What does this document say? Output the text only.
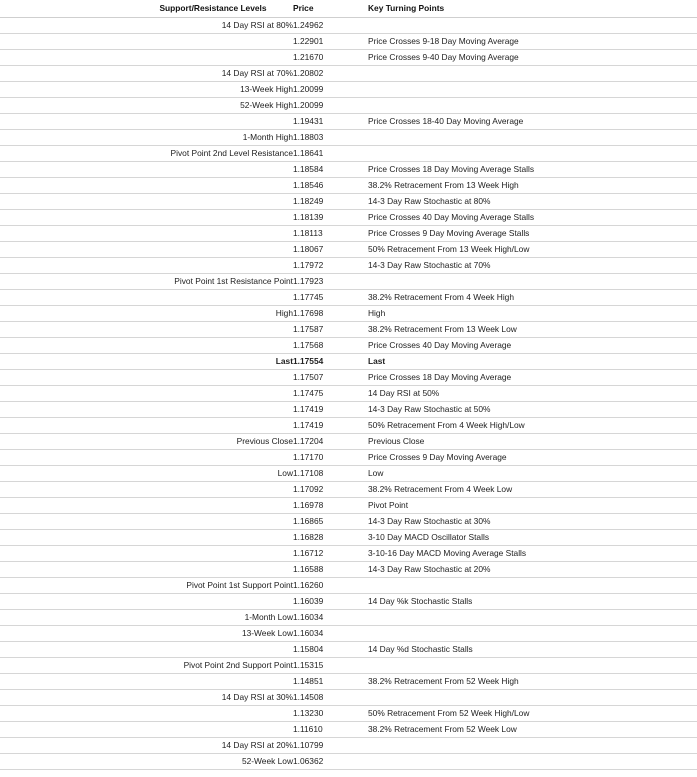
Support/Resistance Levels	Price	Key Turning Points
14 Day RSI at 80%	1.24962	
	1.22901	Price Crosses 9-18 Day Moving Average
	1.21670	Price Crosses 9-40 Day Moving Average
14 Day RSI at 70%	1.20802	
13-Week High	1.20099	
52-Week High	1.20099	
	1.19431	Price Crosses 18-40 Day Moving Average
1-Month High	1.18803	
Pivot Point 2nd Level Resistance	1.18641	
	1.18584	Price Crosses 18 Day Moving Average Stalls
	1.18546	38.2% Retracement From 13 Week High
	1.18249	14-3 Day Raw Stochastic at 80%
	1.18139	Price Crosses 40 Day Moving Average Stalls
	1.18113	Price Crosses 9 Day Moving Average Stalls
	1.18067	50% Retracement From 13 Week High/Low
	1.17972	14-3 Day Raw Stochastic at 70%
Pivot Point 1st Resistance Point	1.17923	
	1.17745	38.2% Retracement From 4 Week High
High	1.17698	High
	1.17587	38.2% Retracement From 13 Week Low
	1.17568	Price Crosses 40 Day Moving Average
Last	1.17554	Last
	1.17507	Price Crosses 18 Day Moving Average
	1.17475	14 Day RSI at 50%
	1.17419	14-3 Day Raw Stochastic at 50%
	1.17419	50% Retracement From 4 Week High/Low
Previous Close	1.17204	Previous Close
	1.17170	Price Crosses 9 Day Moving Average
Low	1.17108	Low
	1.17092	38.2% Retracement From 4 Week Low
	1.16978	Pivot Point
	1.16865	14-3 Day Raw Stochastic at 30%
	1.16828	3-10 Day MACD Oscillator Stalls
	1.16712	3-10-16 Day MACD Moving Average Stalls
	1.16588	14-3 Day Raw Stochastic at 20%
Pivot Point 1st Support Point	1.16260	
	1.16039	14 Day %k Stochastic Stalls
1-Month Low	1.16034	
13-Week Low	1.16034	
	1.15804	14 Day %d Stochastic Stalls
Pivot Point 2nd Support Point	1.15315	
	1.14851	38.2% Retracement From 52 Week High
14 Day RSI at 30%	1.14508	
	1.13230	50% Retracement From 52 Week High/Low
	1.11610	38.2% Retracement From 52 Week Low
14 Day RSI at 20%	1.10799	
52-Week Low	1.06362	
